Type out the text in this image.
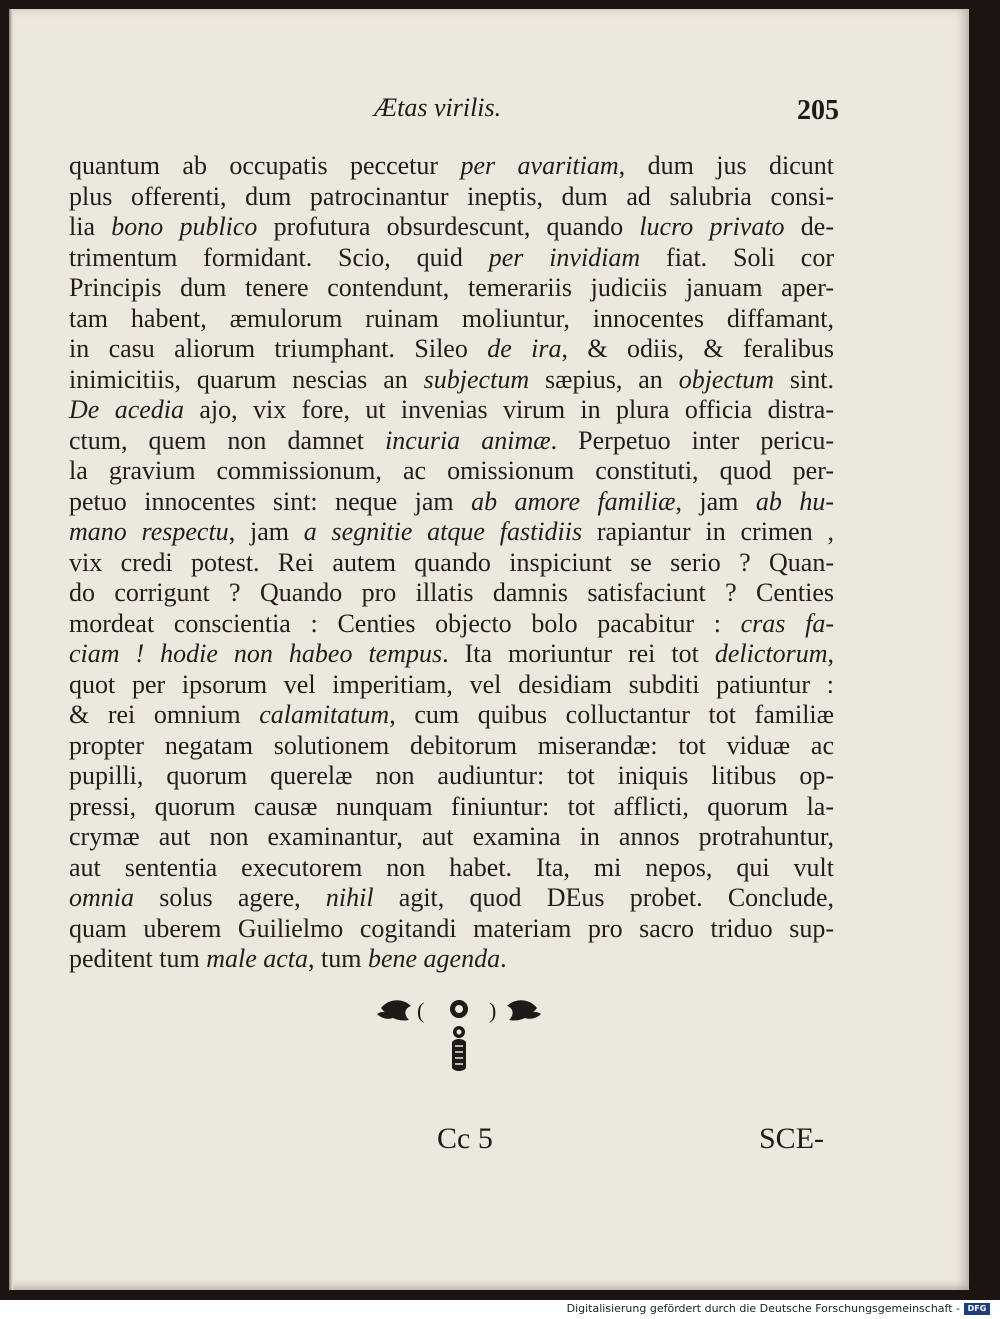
Ætas virilis.	205
quantum ab occupatis peccetur per avaritiam, dum jus dicunt
plus offerenti, dum patrocinantur ineptis, dum ad salubria consi-
lia bono publico profutura obsurdescunt, quando lucro privato de-
trimentum formidant. Scio, quid per invidiam fiat. Soli cor
Principis dum tenere contendunt, temerariis judiciis januam aper-
tam habent, æmulorum ruinam moliuntur, innocentes diffamant,
in casu aliorum triumphant. Sileo de ira, & odiis, & feralibus
inimicitiis, quarum nescias an subjectum sæpius, an objectum sint.
De acedia ajo, vix fore, ut invenias virum in plura officia distra-
ctum, quem non damnet incuria animæ. Perpetuo inter pericu-
la gravium commissionum, ac omissionum constituti, quod per-
petuo innocentes sint: neque jam ab amore familiæ, jam ab hu-
mano respectu, jam a segnitie atque fastidiis rapiantur in crimen ,
vix credi potest. Rei autem quando inspiciunt se serio ? Quan-
do corrigunt ? Quando pro illatis damnis satisfaciunt ? Centies
mordeat conscientia : Centies objecto bolo pacabitur : cras fa-
ciam ! hodie non habeo tempus. Ita moriuntur rei tot delictorum,
quot per ipsorum vel imperitiam, vel desidiam subditi patiuntur :
& rei omnium calamitatum, cum quibus colluctantur tot familiæ
propter negatam solutionem debitorum miserandæ: tot viduæ ac
pupilli, quorum querelæ non audiuntur: tot iniquis litibus op-
pressi, quorum causæ nunquam finiuntur: tot afflicti, quorum la-
crymæ aut non examinantur, aut examina in annos protrahuntur,
aut sententia executorem non habet. Ita, mi nepos, qui vult
omnia solus agere, nihil agit, quod DEus probet. Conclude,
quam uberem Guilielmo cogitandi materiam pro sacro triduo sup-
peditent tum male acta, tum bene agenda.
(	)

Cc 5	SCE-
Digitalisierung gefördert durch die Deutsche Forschungsgemeinschaft - DFG
